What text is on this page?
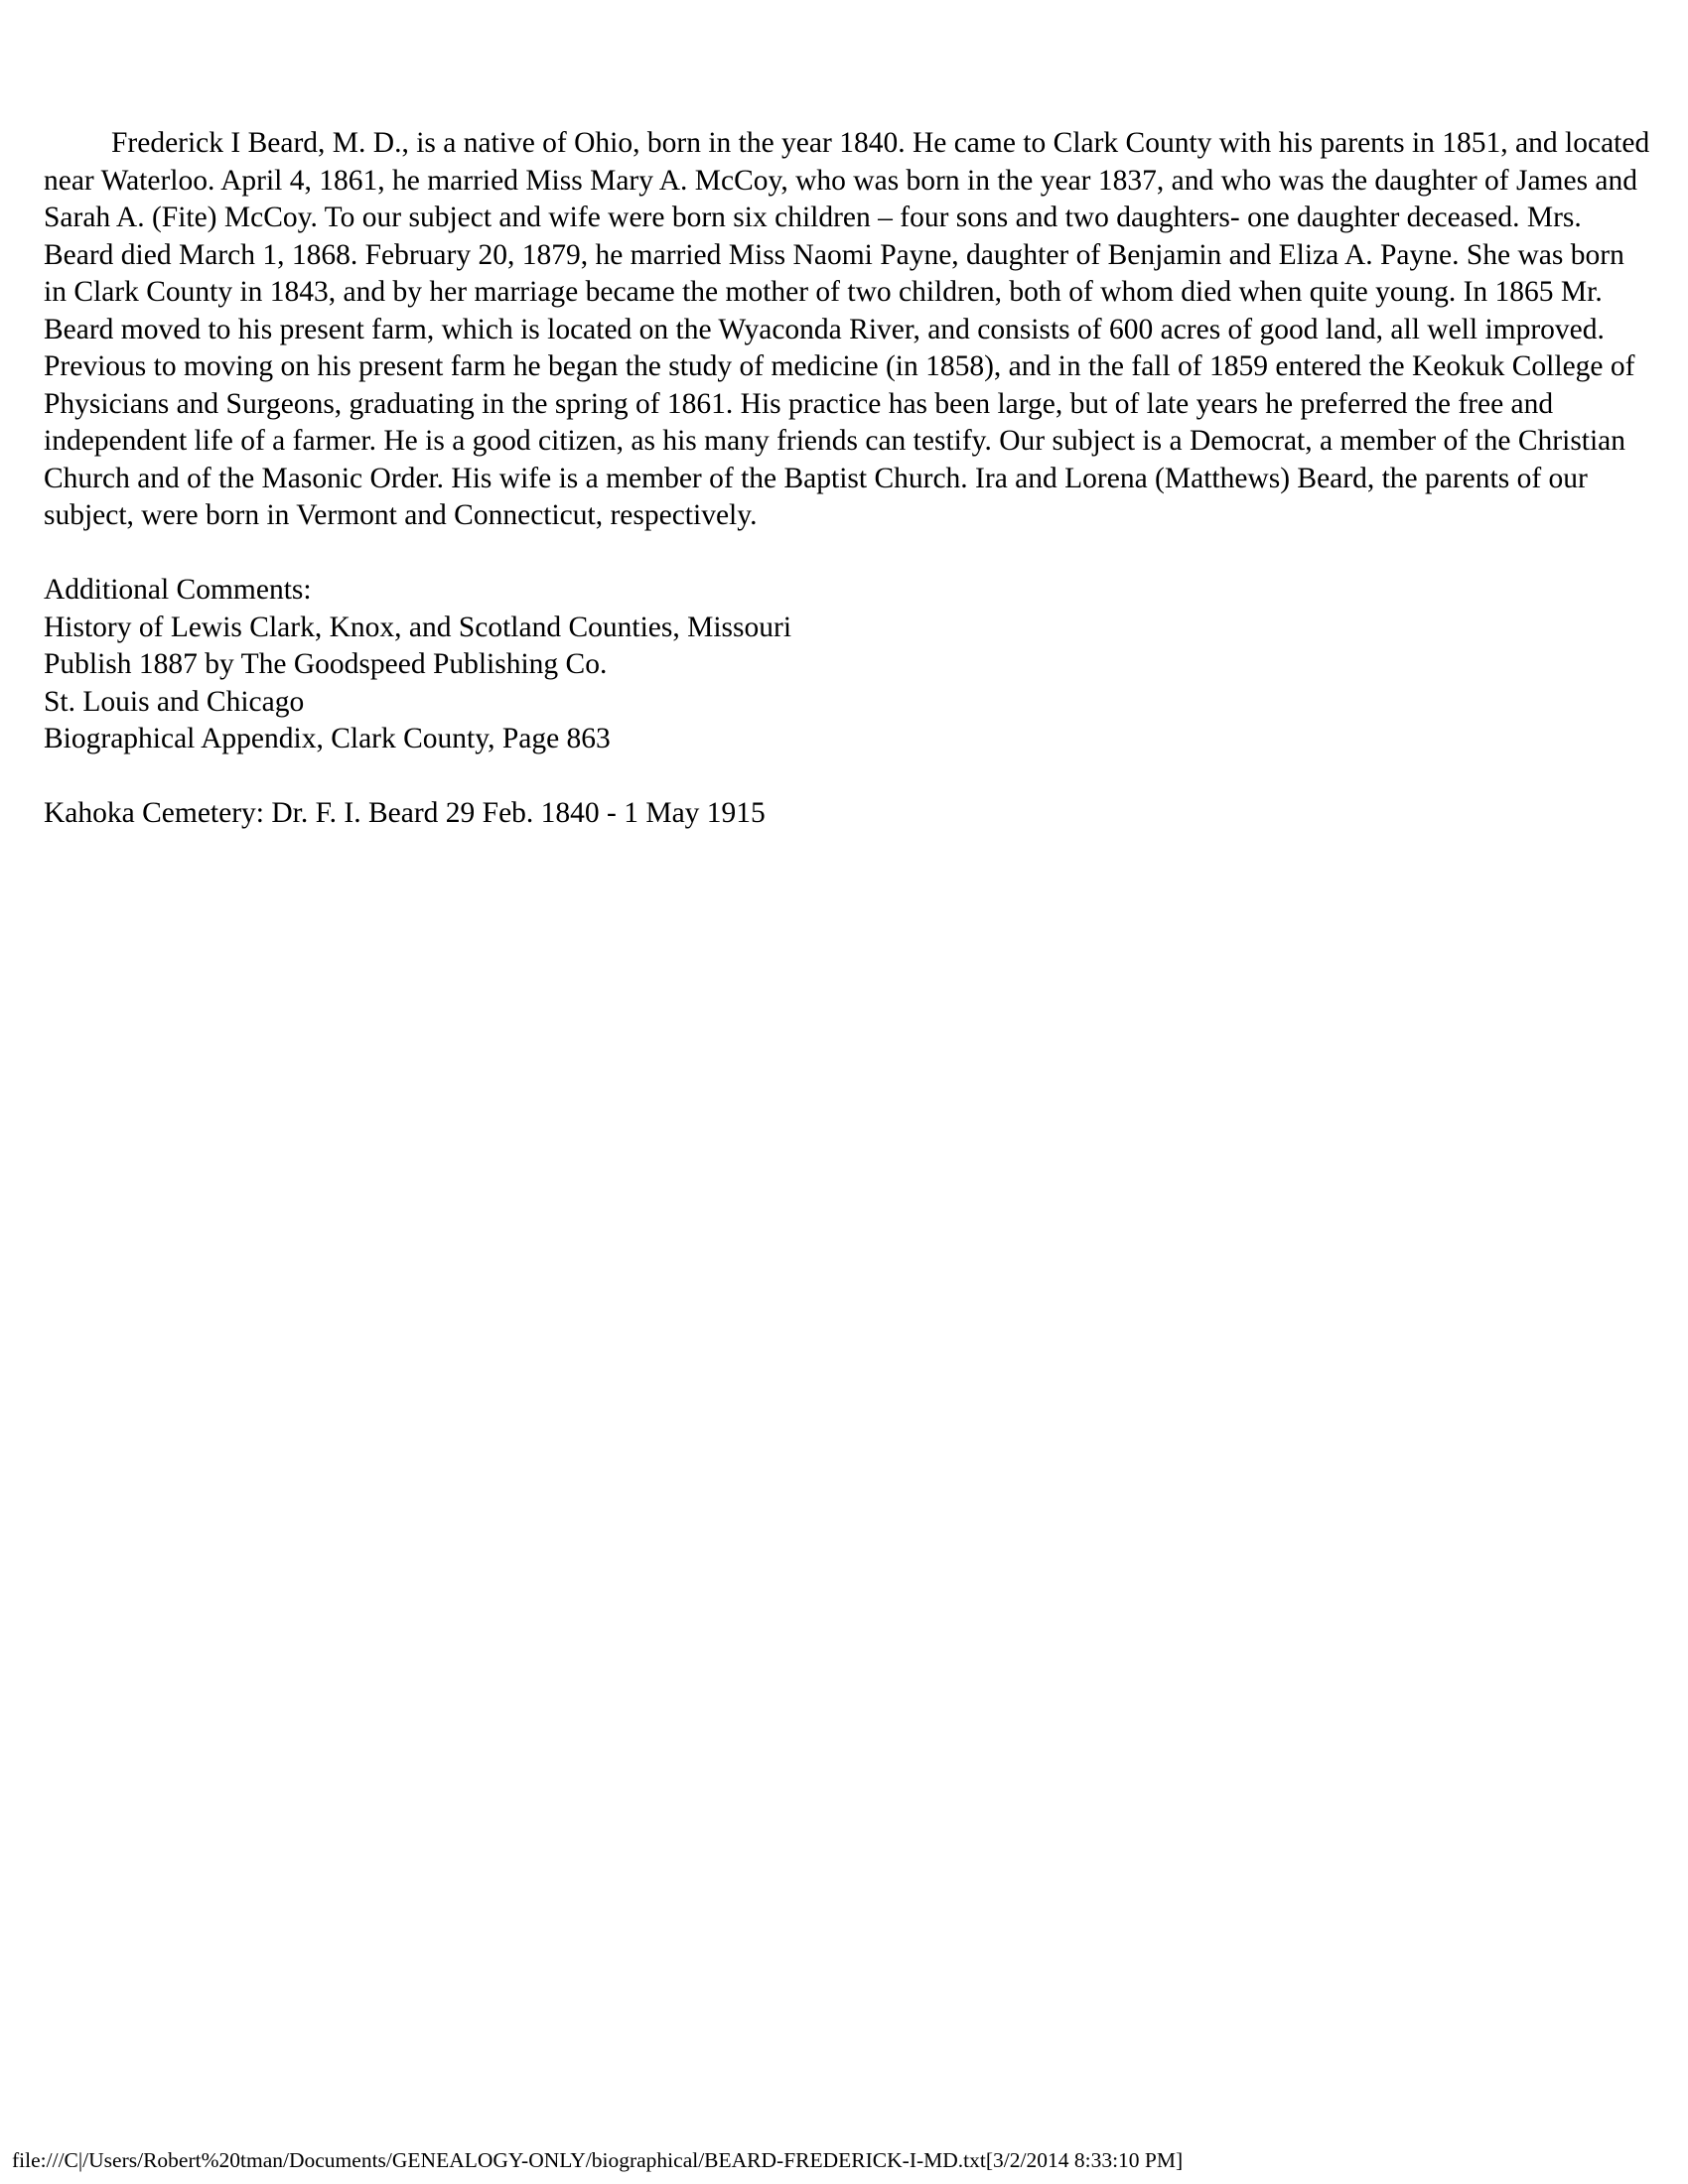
Frederick I Beard, M. D., is a native of Ohio, born in the year 1840. He came to Clark County with his parents in 1851, and located near Waterloo. April 4, 1861, he married Miss Mary A. McCoy, who was born in the year 1837, and who was the daughter of James and Sarah A. (Fite) McCoy. To our subject and wife were born six children – four sons and two daughters- one daughter deceased. Mrs. Beard died March 1, 1868. February 20, 1879, he married Miss Naomi Payne, daughter of Benjamin and Eliza A. Payne. She was born in Clark County in 1843, and by her marriage became the mother of two children, both of whom died when quite young. In 1865 Mr. Beard moved to his present farm, which is located on the Wyaconda River, and consists of 600 acres of good land, all well improved. Previous to moving on his present farm he began the study of medicine (in 1858), and in the fall of 1859 entered the Keokuk College of Physicians and Surgeons, graduating in the spring of 1861. His practice has been large, but of late years he preferred the free and independent life of a farmer. He is a good citizen, as his many friends can testify. Our subject is a Democrat, a member of the Christian Church and of the Masonic Order. His wife is a member of the Baptist Church. Ira and Lorena (Matthews) Beard, the parents of our subject, were born in Vermont and Connecticut, respectively.

Additional Comments:
History of Lewis Clark, Knox, and Scotland Counties, Missouri
Publish 1887 by The Goodspeed Publishing Co.
St. Louis and Chicago
Biographical Appendix, Clark County, Page 863

Kahoka Cemetery: Dr. F. I. Beard 29 Feb. 1840 - 1 May 1915

file:///C|/Users/Robert%20tman/Documents/GENEALOGY-ONLY/biographical/BEARD-FREDERICK-I-MD.txt[3/2/2014 8:33:10 PM]
